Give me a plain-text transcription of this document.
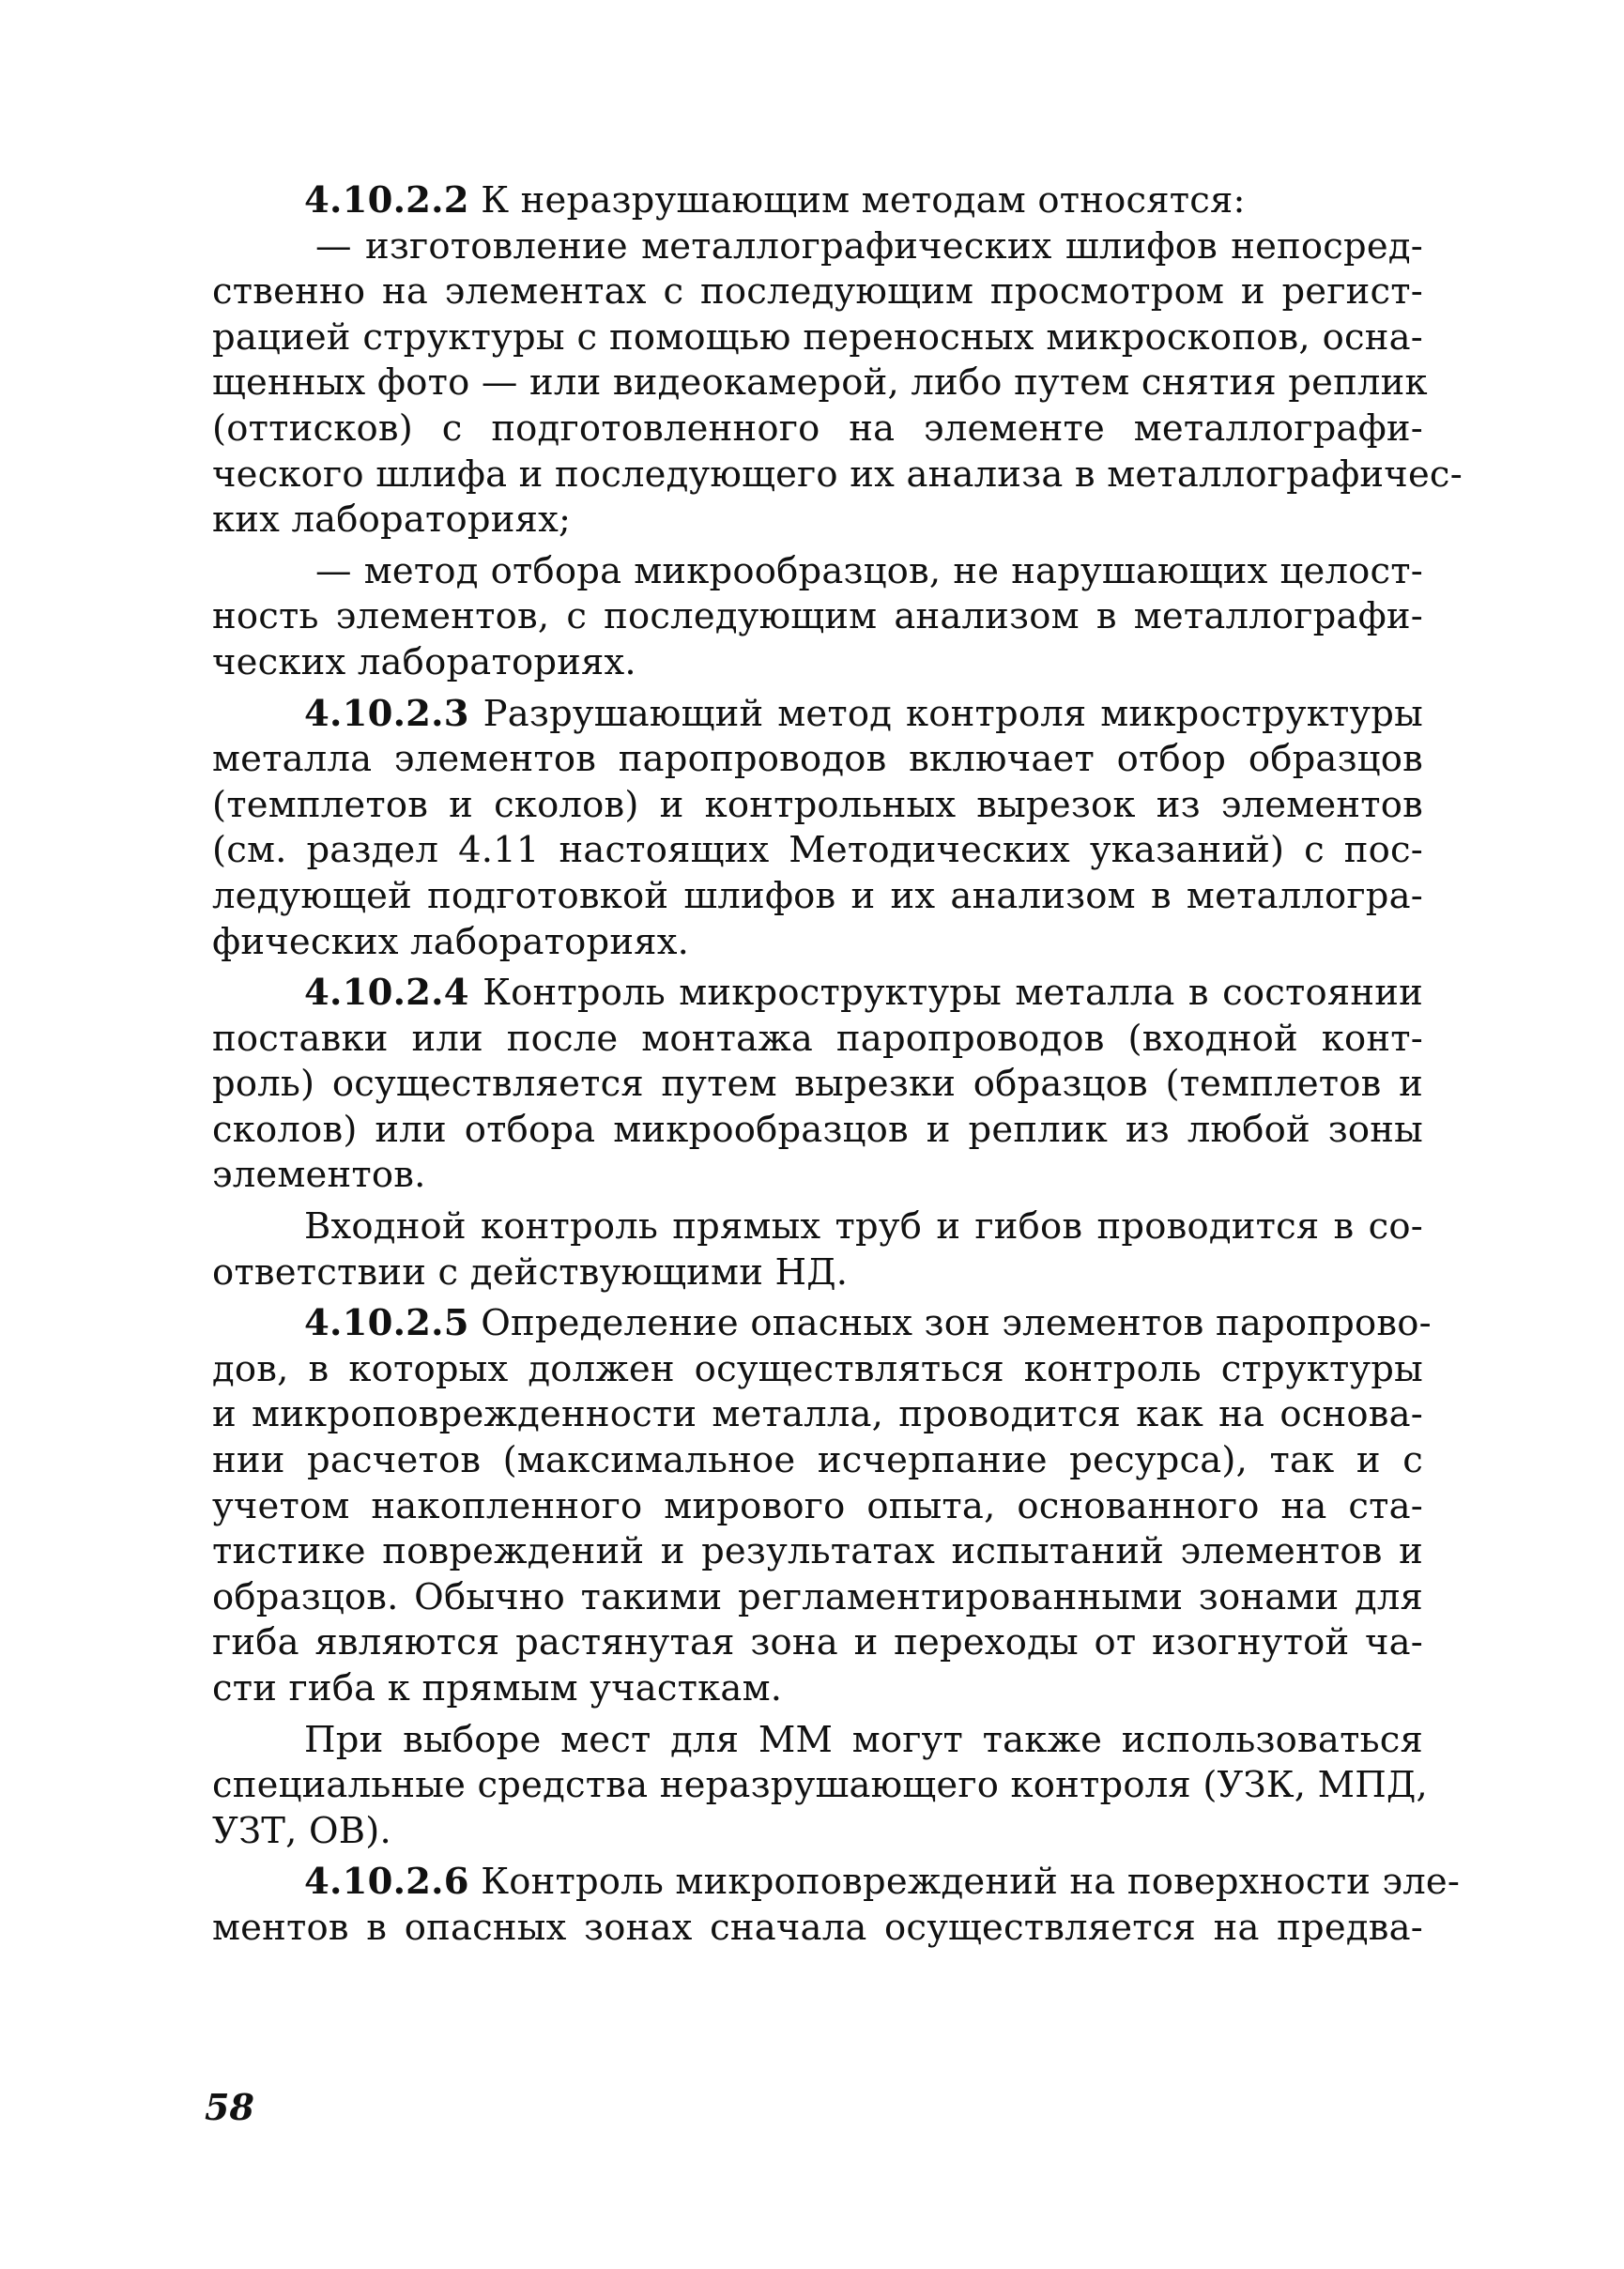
4.10.2.2 К неразрушающим методам относятся:
— изготовление металлографических шлифов непосред-
ственно на элементах с последующим просмотром и регист-
рацией структуры с помощью переносных микроскопов, осна-
щенных фото — или видеокамерой, либо путем снятия реплик
(оттисков) с подготовленного на элементе металлографи-
ческого шлифа и последующего их анализа в металлографичес-
ких лабораториях;
— метод отбора микрообразцов, не нарушающих целост-
ность элементов, с последующим анализом в металлографи-
ческих лабораториях.
4.10.2.3 Разрушающий метод контроля микроструктуры
металла элементов паропроводов включает отбор образцов
(темплетов и сколов) и контрольных вырезок из элементов
(см. раздел 4.11 настоящих Методических указаний) с пос-
ледующей подготовкой шлифов и их анализом в металлогра-
фических лабораториях.
4.10.2.4 Контроль микроструктуры металла в состоянии
поставки или после монтажа паропроводов (входной конт-
роль) осуществляется путем вырезки образцов (темплетов и
сколов) или отбора микрообразцов и реплик из любой зоны
элементов.
Входной контроль прямых труб и гибов проводится в со-
ответствии с действующими НД.
4.10.2.5 Определение опасных зон элементов паропрово-
дов, в которых должен осуществляться контроль структуры
и микроповрежденности металла, проводится как на основа-
нии расчетов (максимальное исчерпание ресурса), так и с
учетом накопленного мирового опыта, основанного на ста-
тистике повреждений и результатах испытаний элементов и
образцов. Обычно такими регламентированными зонами для
гиба являются растянутая зона и переходы от изогнутой ча-
сти гиба к прямым участкам.
При выборе мест для ММ могут также использоваться
специальные средства неразрушающего контроля (УЗК, МПД,
УЗТ, ОВ).
4.10.2.6 Контроль микроповреждений на поверхности эле-
ментов в опасных зонах сначала осуществляется на предва-
58
